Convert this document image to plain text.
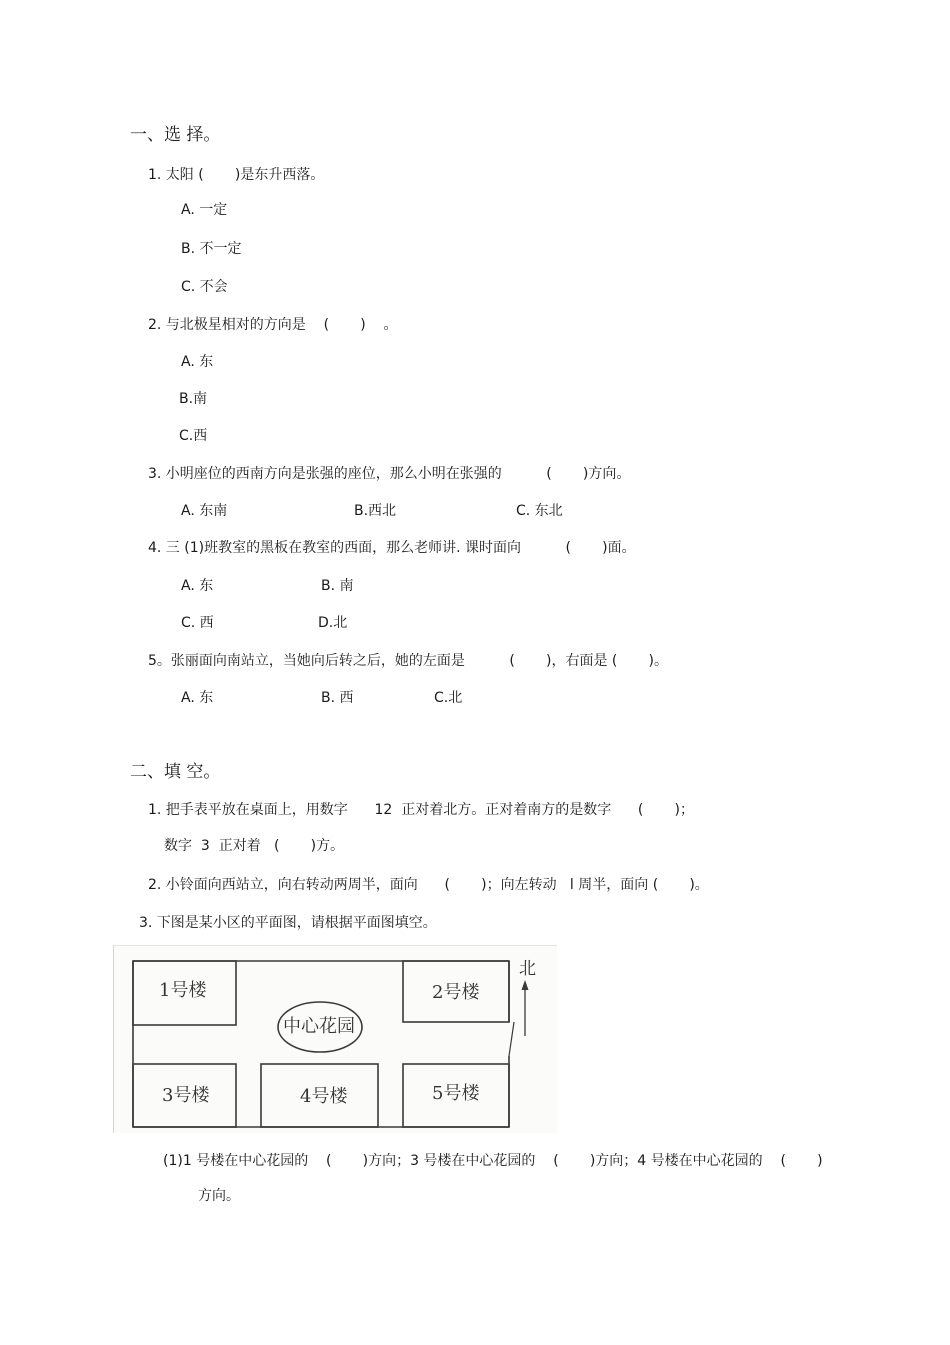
一、选 择。
1. 太阳 (       )是东升西落。
A. 一定
B. 不一定
C. 不会
2. 与北极星相对的方向是    (       )    。
A. 东
B.南
C.西
3. 小明座位的西南方向是张强的座位，那么小明在张强的          (       )方向。
A. 东南	B.西北	C. 东北
4. 三 (1)班教室的黑板在教室的西面，那么老师讲. 课时面向          (       )面。
A. 东	B. 南
C. 西	D.北
5。张丽面向南站立，当她向后转之后，她的左面是          (       )，右面是 (       )。
A. 东	B. 西	C.北
二、填 空。
1. 把手表平放在桌面上，用数字      12  正对着北方。正对着南方的是数字      (       )；
数字  3  正对着   (       )方。
2. 小铃面向西站立，向右转动两周半，面向      (       )；向左转动   l 周半，面向 (       )。
3. 下图是某小区的平面图，请根据平面图填空。
1号楼	2号楼
3号楼	4号楼	5号楼
中心花园
北
(1)1 号楼在中心花园的    (       )方向；3 号楼在中心花园的    (       )方向；4 号楼在中心花园的    (       )
方向。
